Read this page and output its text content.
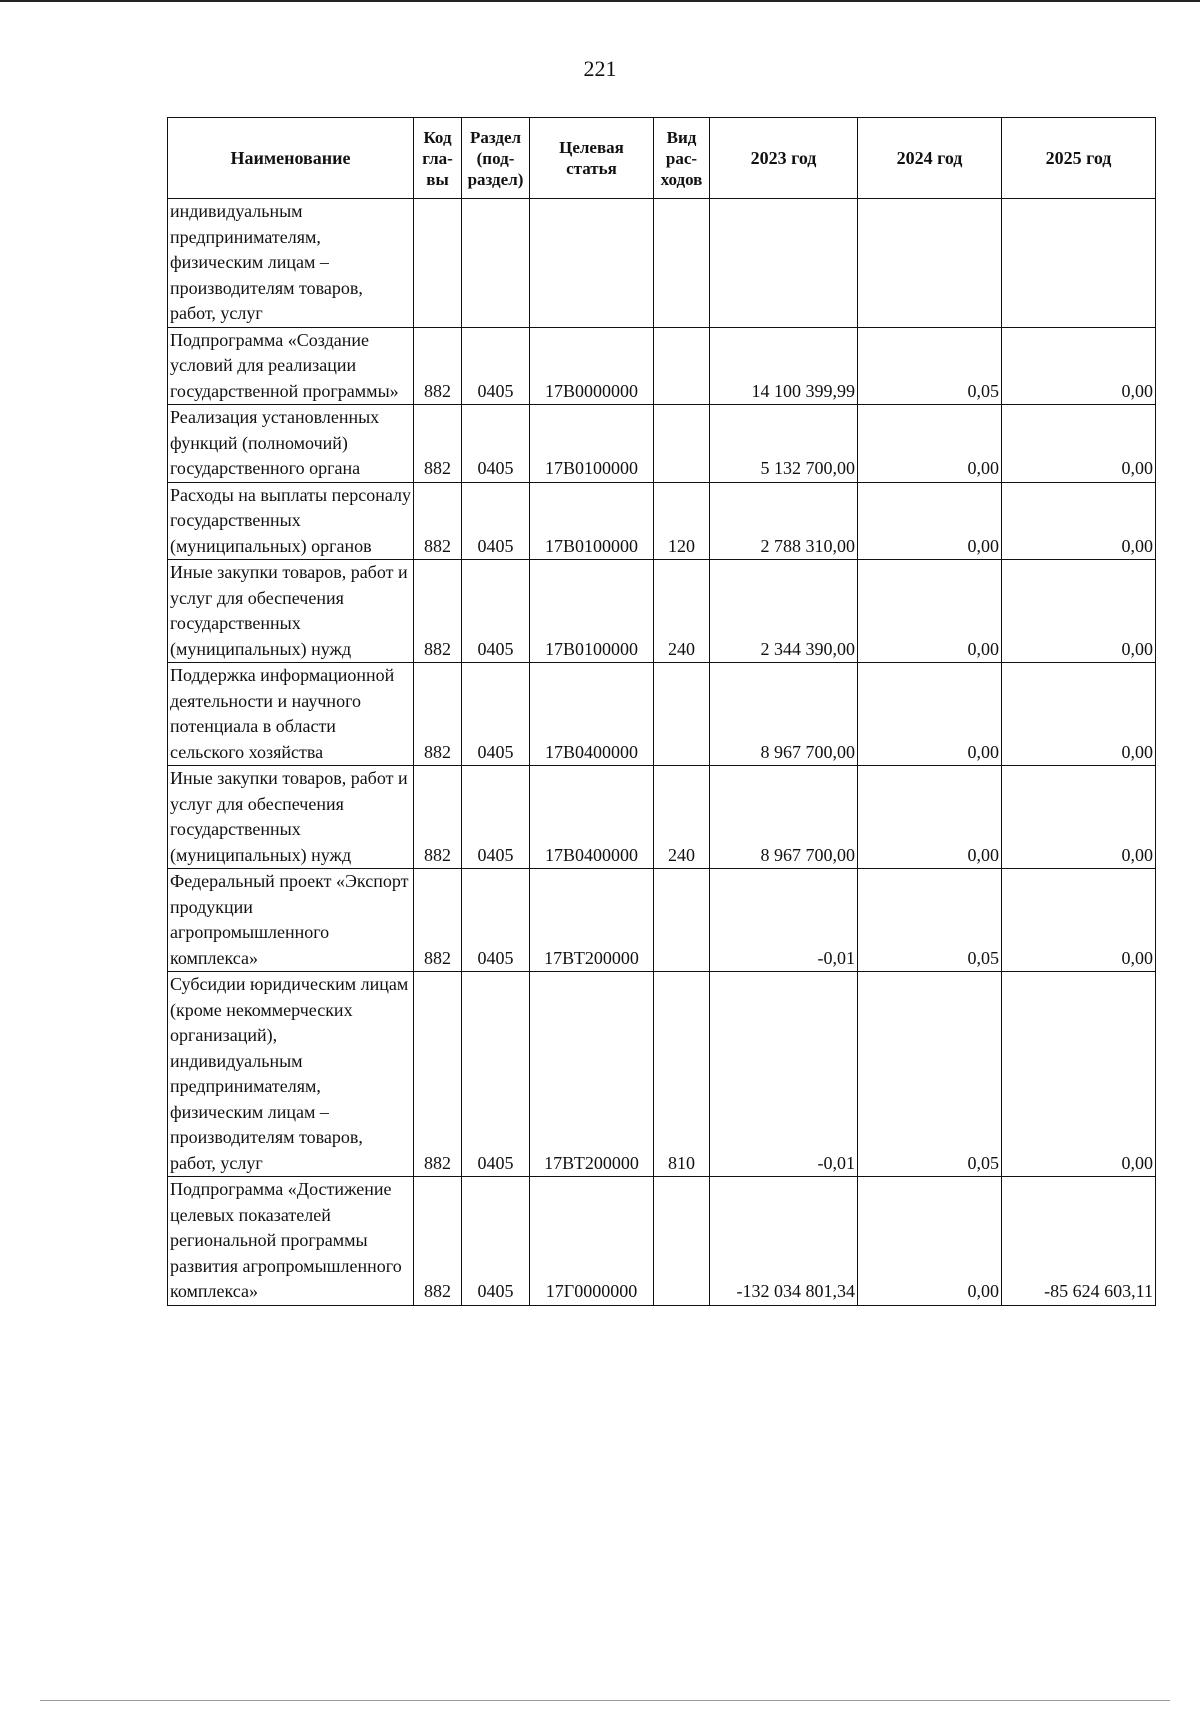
221
Наименование	Код гла-вы	Раздел (под-раздел)	Целевая статья	Вид рас-ходов	2023 год	2024 год	2025 год
индивидуальным предпринимателям, физическим лицам – производителям товаров, работ, услуг							
Подпрограмма «Создание условий для реализации государственной программы»	882	0405	17В0000000		14 100 399,99	0,05	0,00
Реализация установленных функций (полномочий) государственного органа	882	0405	17В0100000		5 132 700,00	0,00	0,00
Расходы на выплаты персоналу государственных (муниципальных) органов	882	0405	17В0100000	120	2 788 310,00	0,00	0,00
Иные закупки товаров, работ и услуг для обеспечения государственных (муниципальных) нужд	882	0405	17В0100000	240	2 344 390,00	0,00	0,00
Поддержка информационной деятельности и научного потенциала в области сельского хозяйства	882	0405	17В0400000		8 967 700,00	0,00	0,00
Иные закупки товаров, работ и услуг для обеспечения государственных (муниципальных) нужд	882	0405	17В0400000	240	8 967 700,00	0,00	0,00
Федеральный проект «Экспорт продукции агропромышленного комплекса»	882	0405	17ВТ200000		-0,01	0,05	0,00
Субсидии юридическим лицам (кроме некоммерческих организаций), индивидуальным предпринимателям, физическим лицам – производителям товаров, работ, услуг	882	0405	17ВТ200000	810	-0,01	0,05	0,00
Подпрограмма «Достижение целевых показателей региональной программы развития агропромышленного комплекса»	882	0405	17Г0000000		-132 034 801,34	0,00	-85 624 603,11
